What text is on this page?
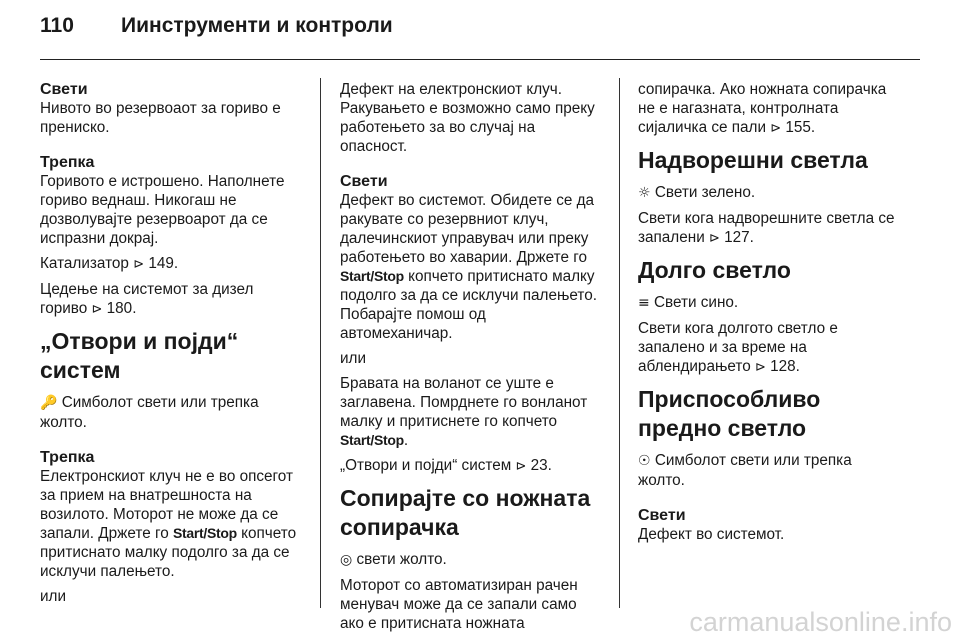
110	Иинструменти и контроли
Свети

Нивото во резервоаот за гориво е прениско.

Трепка

Горивото е истрошено. Наполнете гориво веднаш. Никогаш не дозволувајте резервоарот да се испразни докрај.

Катализатор ⊳ 149.

Цедење на системот за дизел гориво ⊳ 180.

„Отвори и појди“ систем

🔑 Симболот свети или трепка жолто.

Трепка

Електронскиот клуч не е во опсегот за прием на внатрешноста на возилото. Моторот не може да се запали. Држете го Start/Stop копчето притиснато малку подолго за да се исклучи палењето.

или

Дефект на електронскиот клуч. Ракувањето е возможно само преку работењето за во случај на опасност.

Свети

Дефект во системот. Обидете се да ракувате со резервниот клуч, далечинскиот управувач или преку работењето во хаварии. Држете го Start/Stop копчето притиснато малку подолго за да се исклучи палењето. Побарајте помош од автомеханичар.

или

Бравата на воланот се уште е заглавена. Помрднете го вонланот малку и притиснете го копчето Start/Stop.

„Отвори и појди“ систем ⊳ 23.

Сопирајте со ножната сопирачка

◎ свети жолто.

Моторот со автоматизиран рачен менувач може да се запали само ако е притисната ножната

сопирачка. Ако ножната сопирачка не е нагазната, контролната сијаличка се пали ⊳ 155.

Надворешни светла

☼ Свети зелено.

Свети кога надворешните светла се запалени ⊳ 127.

Долго светло

≡ Свети сино.

Свети кога долгото светло е запалено и за време на аблендирањето ⊳ 128.

Приспособливо предно светло

☉ Симболот свети или трепка жолто.

Свети

Дефект во системот.

carmanualsonline.info
